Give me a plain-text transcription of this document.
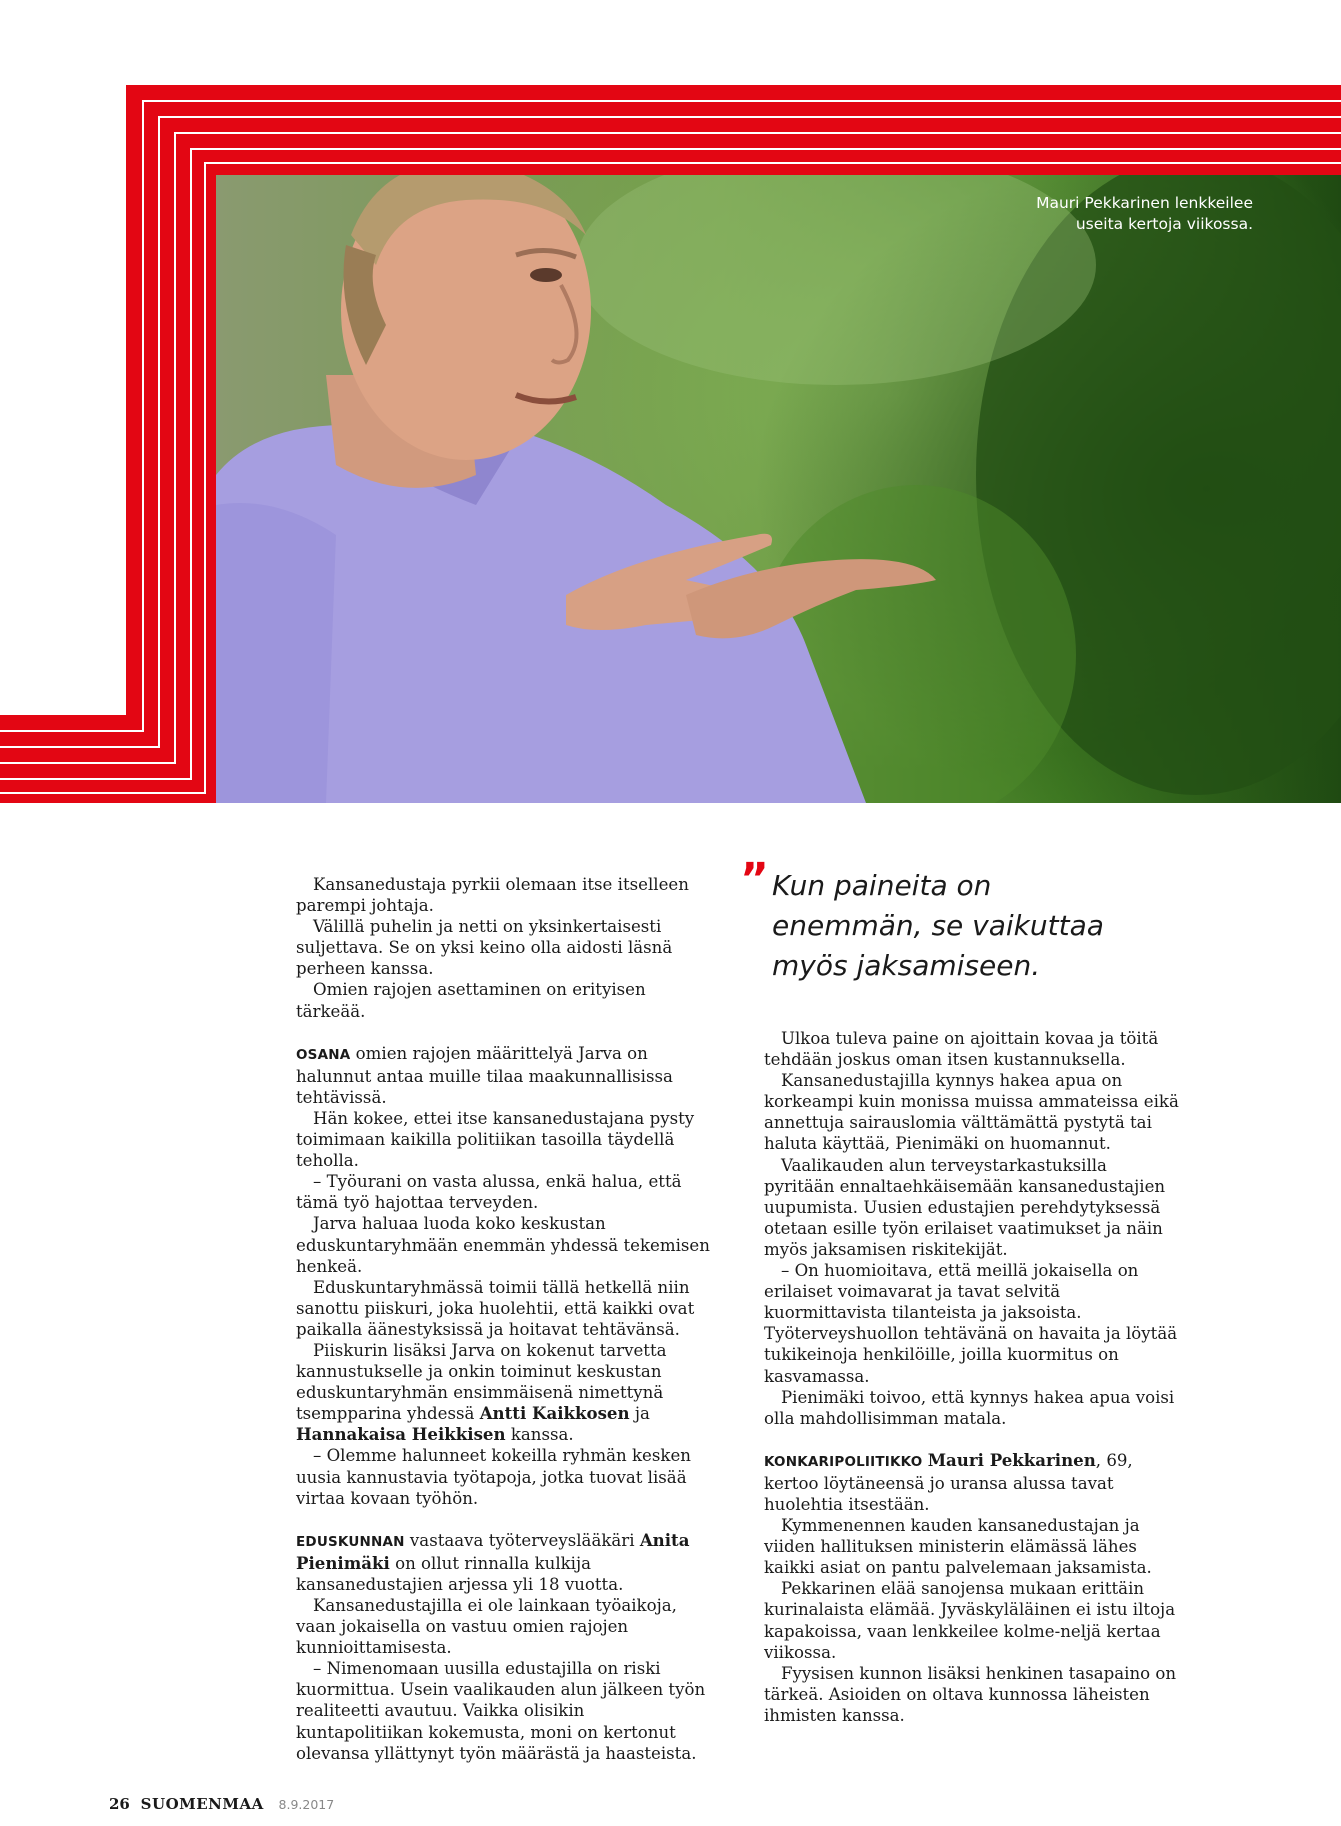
Mauri Pekkarinen lenkkeilee
useita kertoja viikossa.

Kansanedustaja pyrkii olemaan itse itselleen parempi johtaja.

Välillä puhelin ja netti on yksinkertaisesti suljettava. Se on yksi keino olla aidosti läsnä perheen kanssa.

Omien rajojen asettaminen on erityisen tärkeää.

OSANA omien rajojen määrittelyä Jarva on halunnut antaa muille tilaa maakunnallisissa tehtävissä.

Hän kokee, ettei itse kansanedustajana pysty toimimaan kaikilla politiikan tasoilla täydellä teholla.

– Työurani on vasta alussa, enkä halua, että tämä työ hajottaa terveyden.

Jarva haluaa luoda koko keskustan eduskuntaryhmään enemmän yhdessä tekemisen henkeä.

Eduskuntaryhmässä toimii tällä hetkellä niin sanottu piiskuri, joka huolehtii, että kaikki ovat paikalla äänestyksissä ja hoitavat tehtävänsä.

Piiskurin lisäksi Jarva on kokenut tarvetta kannustukselle ja onkin toiminut keskustan eduskuntaryhmän ensimmäisenä nimettynä tsempparina yhdessä Antti Kaikkosen ja Hannakaisa Heikkisen kanssa.

– Olemme halunneet kokeilla ryhmän kesken uusia kannustavia työtapoja, jotka tuovat lisää virtaa kovaan työhön.

EDUSKUNNAN vastaava työterveyslääkäri Anita Pienimäki on ollut rinnalla kulkija kansanedustajien arjessa yli 18 vuotta.

Kansanedustajilla ei ole lainkaan työaikoja, vaan jokaisella on vastuu omien rajojen kunnioittamisesta.

– Nimenomaan uusilla edustajilla on riski kuormittua. Usein vaalikauden alun jälkeen työn realiteetti avautuu. Vaikka olisikin kuntapolitiikan kokemusta, moni on kertonut olevansa yllättynyt työn määrästä ja haasteista.

” Kun paineita on
enemmän, se vaikuttaa
myös jaksamiseen.

Ulkoa tuleva paine on ajoittain kovaa ja töitä tehdään joskus oman itsen kustannuksella.

Kansanedustajilla kynnys hakea apua on korkeampi kuin monissa muissa ammateissa eikä annettuja sairauslomia välttämättä pystytä tai haluta käyttää, Pienimäki on huomannut.

Vaalikauden alun terveystarkastuksilla pyritään ennaltaehkäisemään kansanedustajien uupumista. Uusien edustajien perehdytyksessä otetaan esille työn erilaiset vaatimukset ja näin myös jaksamisen riskitekijät.

– On huomioitava, että meillä jokaisella on erilaiset voimavarat ja tavat selvitä kuormittavista tilanteista ja jaksoista. Työterveyshuollon tehtävänä on havaita ja löytää tukikeinoja henkilöille, joilla kuormitus on kasvamassa.

Pienimäki toivoo, että kynnys hakea apua voisi olla mahdollisimman matala.

KONKARIPOLIITIKKO Mauri Pekkarinen, 69, kertoo löytäneensä jo uransa alussa tavat huolehtia itsestään.

Kymmenennen kauden kansanedustajan ja viiden hallituksen ministerin elämässä lähes kaikki asiat on pantu palvelemaan jaksamista.

Pekkarinen elää sanojensa mukaan erittäin kurinalaista elämää. Jyväskyläläinen ei istu iltoja kapakoissa, vaan lenkkeilee kolme-neljä kertaa viikossa.

Fyysisen kunnon lisäksi henkinen tasapaino on tärkeä. Asioiden on oltava kunnossa läheisten ihmisten kanssa.

26 SUOMENMAA 8.9.2017
